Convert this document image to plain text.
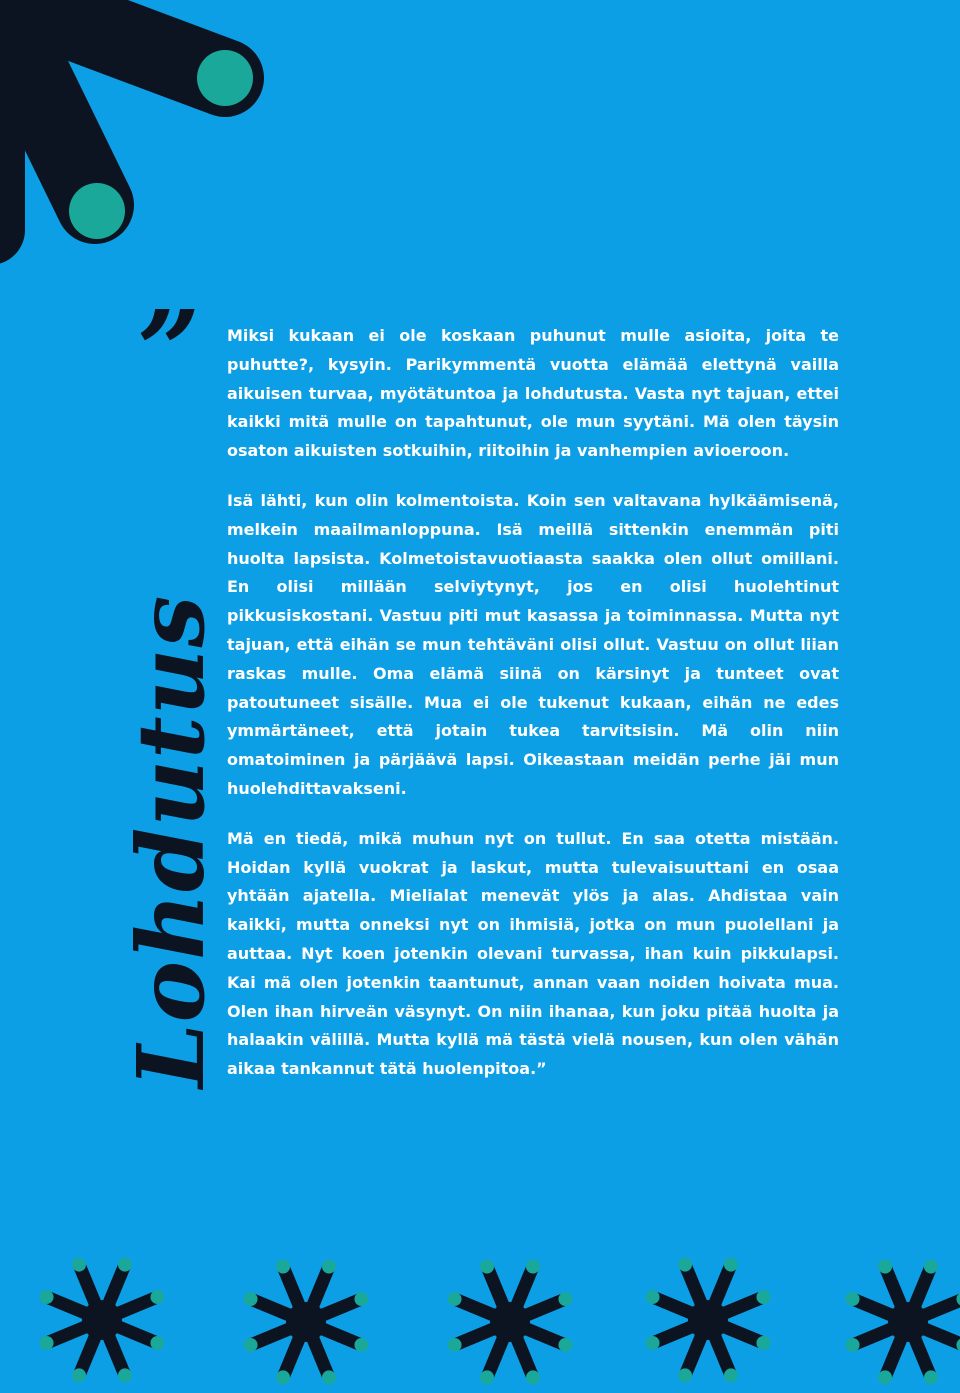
”
Lohdutus

Miksi kukaan ei ole koskaan puhunut mulle asioita, joita te puhutte?, kysyin. Parikymmentä vuotta elämää elettynä vailla aikuisen turvaa, myötätuntoa ja lohdutusta. Vasta nyt tajuan, ettei kaikki mitä mulle on tapahtunut, ole mun syytäni. Mä olen täysin osaton aikuisten sotkuihin, riitoihin ja vanhempien avioeroon.

Isä lähti, kun olin kolmentoista. Koin sen valtavana hylkäämisenä, melkein maailmanloppuna. Isä meillä sittenkin enemmän piti huolta lapsista. Kolmetoistavuotiaasta saakka olen ollut omillani. En olisi millään selviytynyt, jos en olisi huolehtinut pikkusiskostani. Vastuu piti mut kasassa ja toiminnassa. Mutta nyt tajuan, että eihän se mun tehtäväni olisi ollut. Vastuu on ollut liian raskas mulle. Oma elämä siinä on kärsinyt ja tunteet ovat patoutuneet sisälle. Mua ei ole tukenut kukaan, eihän ne edes ymmärtäneet, että jotain tukea tarvitsisin. Mä olin niin omatoiminen ja pärjäävä lapsi. Oikeastaan meidän perhe jäi mun huolehdittavakseni.

Mä en tiedä, mikä muhun nyt on tullut. En saa otetta mistään. Hoidan kyllä vuokrat ja laskut, mutta tulevaisuuttani en osaa yhtään ajatella. Mielialat menevät ylös ja alas. Ahdistaa vain kaikki, mutta onneksi nyt on ihmisiä, jotka on mun puolellani ja auttaa. Nyt koen jotenkin olevani turvassa, ihan kuin pikkulapsi. Kai mä olen jotenkin taantunut, annan vaan noiden hoivata mua. Olen ihan hirveän väsynyt. On niin ihanaa, kun joku pitää huolta ja halaakin välillä. Mutta kyllä mä tästä vielä nousen, kun olen vähän aikaa tankannut tätä huolenpitoa.”
